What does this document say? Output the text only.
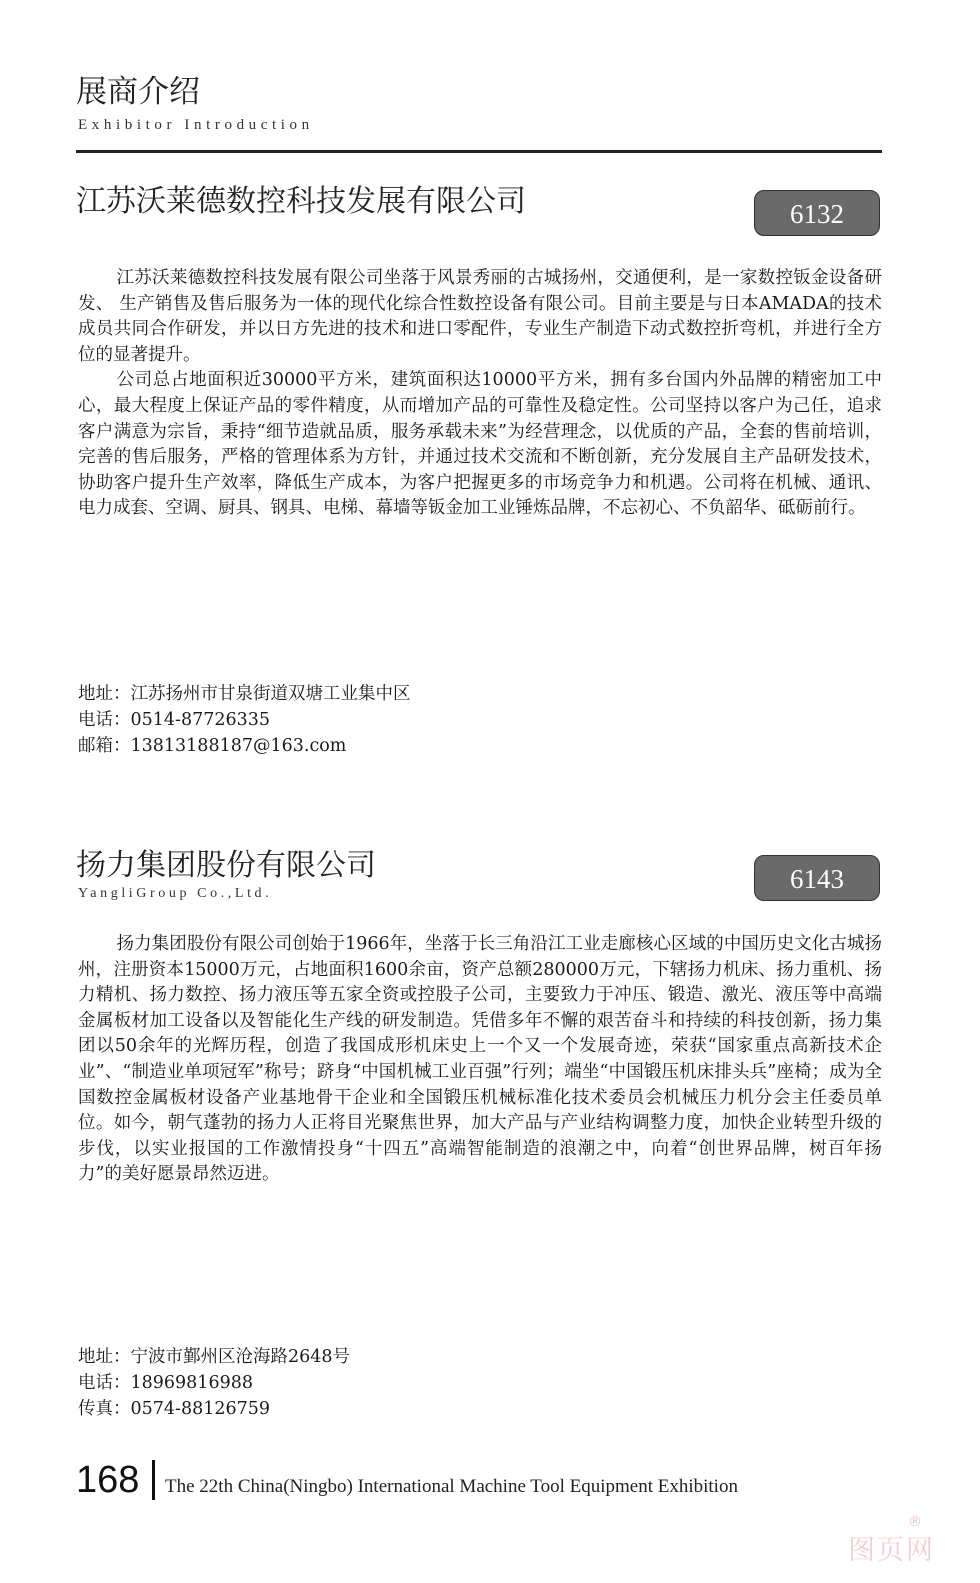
展商介绍
Exhibitor Introduction
江苏沃莱德数控科技发展有限公司	6132

江苏沃莱德数控科技发展有限公司坐落于风景秀丽的古城扬州，交通便利，是一家数控钣金设备研发、 生产销售及售后服务为一体的现代化综合性数控设备有限公司。目前主要是与日本AMADA的技术成员共同合作研发，并以日方先进的技术和进口零配件，专业生产制造下动式数控折弯机，并进行全方位的显著提升。

公司总占地面积近30000平方米，建筑面积达10000平方米，拥有多台国内外品牌的精密加工中心，最大程度上保证产品的零件精度，从而增加产品的可靠性及稳定性。公司坚持以客户为己任，追求客户满意为宗旨，秉持“细节造就品质，服务承载未来”为经营理念，以优质的产品，全套的售前培训，完善的售后服务，严格的管理体系为方针，并通过技术交流和不断创新，充分发展自主产品研发技术，协助客户提升生产效率，降低生产成本，为客户把握更多的市场竞争力和机遇。公司将在机械、通讯、电力成套、空调、厨具、钢具、电梯、幕墙等钣金加工业锤炼品牌，不忘初心、不负韶华、砥砺前行。

地址：江苏扬州市甘泉街道双塘工业集中区
电话：0514-87726335
邮箱：13813188187@163.com
扬力集团股份有限公司
YangliGroup Co.,Ltd.	6143

扬力集团股份有限公司创始于1966年，坐落于长三角沿江工业走廊核心区域的中国历史文化古城扬州，注册资本15000万元，占地面积1600余亩，资产总额280000万元，下辖扬力机床、扬力重机、扬力精机、扬力数控、扬力液压等五家全资或控股子公司，主要致力于冲压、锻造、激光、液压等中高端金属板材加工设备以及智能化生产线的研发制造。凭借多年不懈的艰苦奋斗和持续的科技创新，扬力集团以50余年的光辉历程，创造了我国成形机床史上一个又一个发展奇迹，荣获“国家重点高新技术企业”、“制造业单项冠军”称号；跻身“中国机械工业百强”行列；端坐“中国锻压机床排头兵”座椅；成为全国数控金属板材设备产业基地骨干企业和全国锻压机械标准化技术委员会机械压力机分会主任委员单位。如今，朝气蓬勃的扬力人正将目光聚焦世界，加大产品与产业结构调整力度，加快企业转型升级的步伐，以实业报国的工作激情投身“十四五”高端智能制造的浪潮之中，向着“创世界品牌，树百年扬力”的美好愿景昂然迈进。

地址：宁波市鄞州区沧海路2648号
电话：18969816988
传真：0574-88126759
168 The 22th China(Ningbo) International Machine Tool Equipment Exhibition
图页网
®
